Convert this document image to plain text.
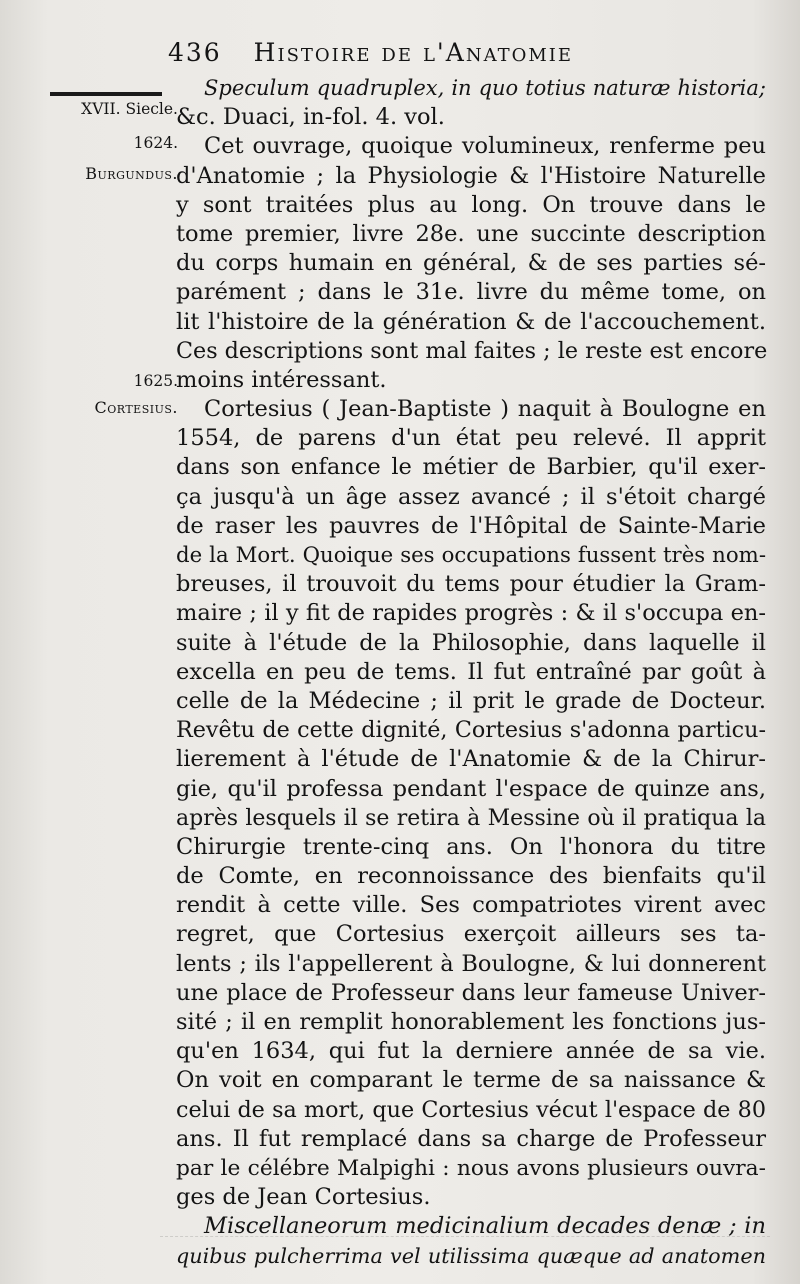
436 Histoire de l'Anatomie
XVII. Siecle.
1624.
Burgundus.
1625.
Cortesius.
Speculum quadruplex, in quo totius naturæ historia;
&c. Duaci, in-fol. 4. vol.
Cet ouvrage, quoique volumineux, renferme peu
d'Anatomie ; la Physiologie & l'Histoire Naturelle
y sont traitées plus au long. On trouve dans le
tome premier, livre 28e. une succinte description
du corps humain en général, & de ses parties sé-
parément ; dans le 31e. livre du même tome, on
lit l'histoire de la génération & de l'accouchement.
Ces descriptions sont mal faites ; le reste est encore
moins intéressant.
Cortesius ( Jean-Baptiste ) naquit à Boulogne en
1554, de parens d'un état peu relevé. Il apprit
dans son enfance le métier de Barbier, qu'il exer-
ça jusqu'à un âge assez avancé ; il s'étoit chargé
de raser les pauvres de l'Hôpital de Sainte-Marie
de la Mort. Quoique ses occupations fussent très nom-
breuses, il trouvoit du tems pour étudier la Gram-
maire ; il y fit de rapides progrès : & il s'occupa en-
suite à l'étude de la Philosophie, dans laquelle il
excella en peu de tems. Il fut entraîné par goût à
celle de la Médecine ; il prit le grade de Docteur.
Revêtu de cette dignité, Cortesius s'adonna particu-
lierement à l'étude de l'Anatomie & de la Chirur-
gie, qu'il professa pendant l'espace de quinze ans,
après lesquels il se retira à Messine où il pratiqua la
Chirurgie trente-cinq ans. On l'honora du titre
de Comte, en reconnoissance des bienfaits qu'il
rendit à cette ville. Ses compatriotes virent avec
regret, que Cortesius exerçoit ailleurs ses ta-
lents ; ils l'appellerent à Boulogne, & lui donnerent
une place de Professeur dans leur fameuse Univer-
sité ; il en remplit honorablement les fonctions jus-
qu'en 1634, qui fut la derniere année de sa vie.
On voit en comparant le terme de sa naissance &
celui de sa mort, que Cortesius vécut l'espace de 80
ans. Il fut remplacé dans sa charge de Professeur
par le célébre Malpighi : nous avons plusieurs ouvra-
ges de Jean Cortesius.
Miscellaneorum medicinalium decades denæ ; in
quibus pulcherrima vel utilissima quæque ad anatomen
